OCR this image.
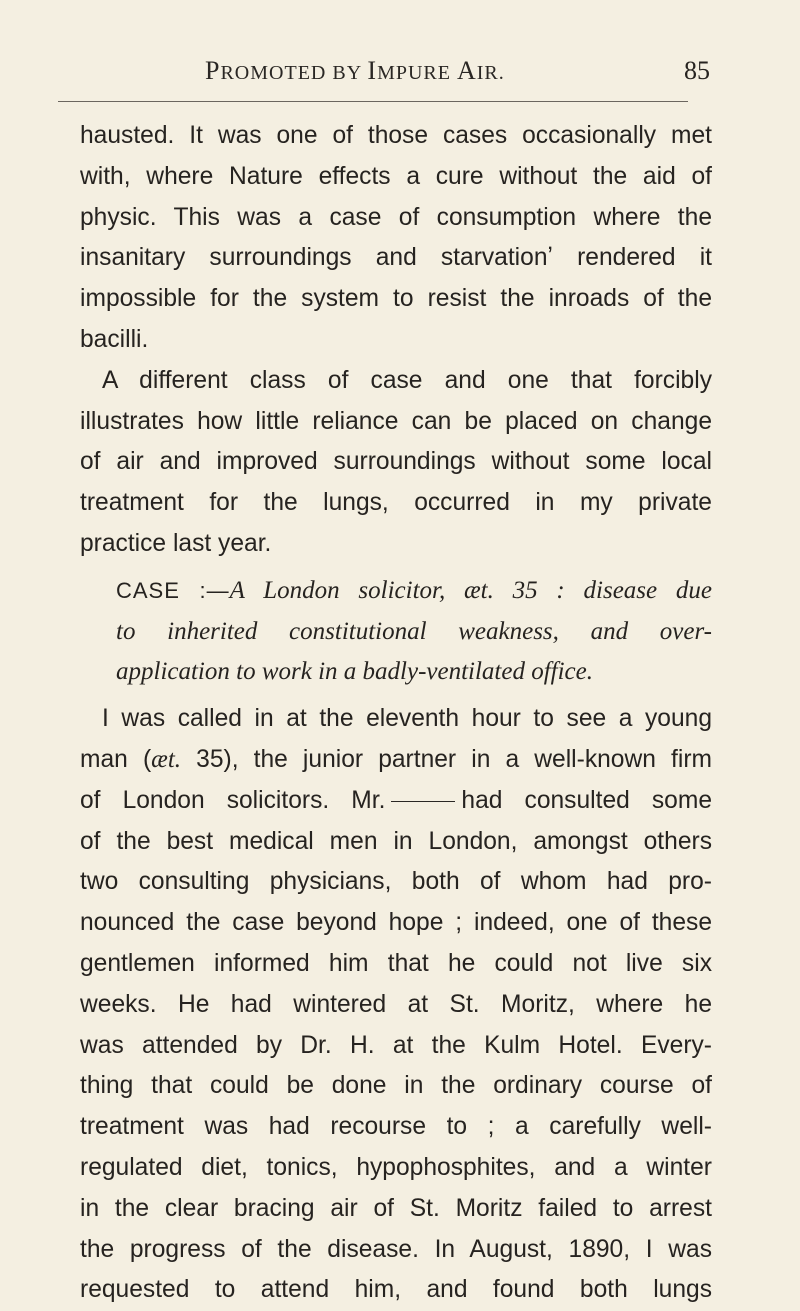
PROMOTED BY IMPURE AIR.	85
hausted. It was one of those cases occasionally met
with, where Nature effects a cure without the aid of
physic. This was a case of consumption where the
insanitary surroundings and starvationʼ rendered it
impossible for the system to resist the inroads of the
bacilli.
A different class of case and one that forcibly
illustrates how little reliance can be placed on change
of air and improved surroundings without some local
treatment for the lungs, occurred in my private
practice last year.
CASE :—A London solicitor, æt. 35 : disease due
to inherited constitutional weakness, and over-
application to work in a badly-ventilated office.
I was called in at the eleventh hour to see a young
man (æt. 35), the junior partner in a well-known firm
of London solicitors. Mr.	had consulted some
of the best medical men in London, amongst others
two consulting physicians, both of whom had pro-
nounced the case beyond hope ; indeed, one of these
gentlemen informed him that he could not live six
weeks. He had wintered at St. Moritz, where he
was attended by Dr. H. at the Kulm Hotel. Every-
thing that could be done in the ordinary course of
treatment was had recourse to ; a carefully well-
regulated diet, tonics, hypophosphites, and a winter
in the clear bracing air of St. Moritz failed to arrest
the progress of the disease. In August, 1890, I was
requested to attend him, and found both lungs
